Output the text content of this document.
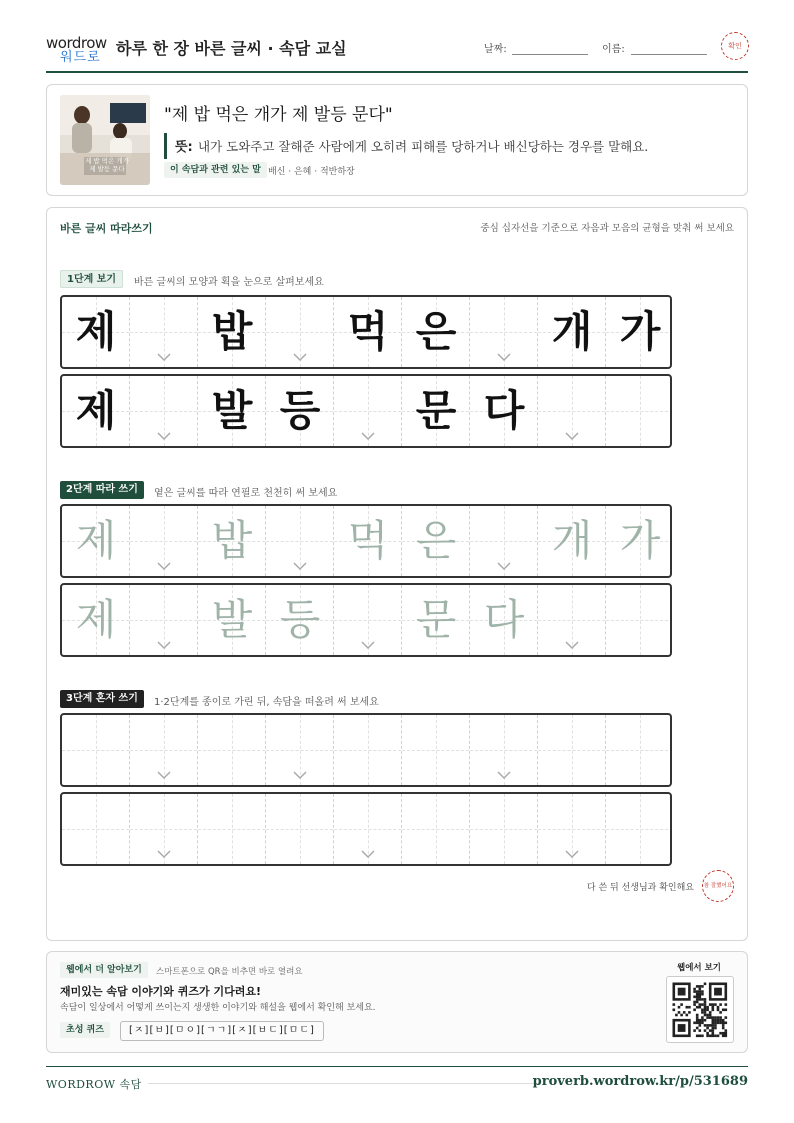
wordrow
워드로 하루 한 장 바른 글씨 · 속담 교실	날짜:	이름:	확인
제 밥 먹은 개가 제 발등 문다
"제 밥 먹은 개가 제 발등 문다"
뜻: 내가 도와주고 잘해준 사람에게 오히려 피해를 당하거나 배신당하는 경우를 말해요.
이 속담과 관련 있는 말 배신 · 은혜 · 적반하장
바른 글씨 따라쓰기	중심 십자선을 기준으로 자음과 모음의 균형을 맞춰 써 보세요
1단계 보기	바른 글씨의 모양과 획을 눈으로 살펴보세요
제	밥	먹 은	개 가
제	발 등	문 다
2단계 따라 쓰기	옅은 글씨를 따라 연필로 천천히 써 보세요
제	밥	먹 은	개 가
제	발 등	문 다
3단계 혼자 쓰기	1·2단계를 종이로 가린 뒤, 속담을 떠올려 써 보세요
다 쓴 뒤 선생님과 확인해요	참 잘했어요
웹에서 더 알아보기	스마트폰으로 QR을 비추면 바로 열려요
재미있는 속담 이야기와 퀴즈가 기다려요!
속담이 일상에서 어떻게 쓰이는지 생생한 이야기와 해설을 웹에서 확인해 보세요.
초성 퀴즈	[ㅈ][ㅂ][ㅁㅇ][ㄱㄱ][ㅈ][ㅂㄷ][ㅁㄷ]
웹에서 보기
WORDROW 속담	proverb.wordrow.kr/p/531689
